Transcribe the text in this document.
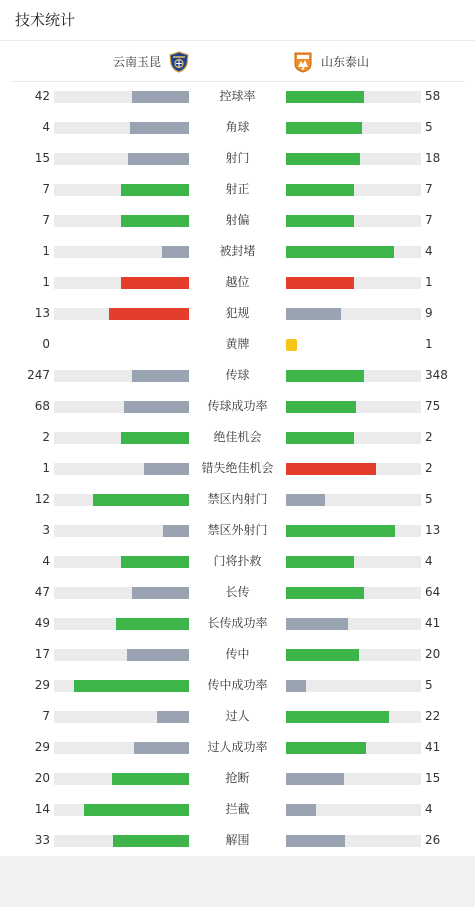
技术统计
云南玉昆	山东泰山
42	控球率	58
4	角球	5
15	射门	18
7	射正	7
7	射偏	7
1	被封堵	4
1	越位	1
13	犯规	9
0	黄牌	1
247	传球	348
68	传球成功率	75
2	绝佳机会	2
1	错失绝佳机会	2
12	禁区内射门	5
3	禁区外射门	13
4	门将扑救	4
47	长传	64
49	长传成功率	41
17	传中	20
29	传中成功率	5
7	过人	22
29	过人成功率	41
20	抢断	15
14	拦截	4
33	解围	26
